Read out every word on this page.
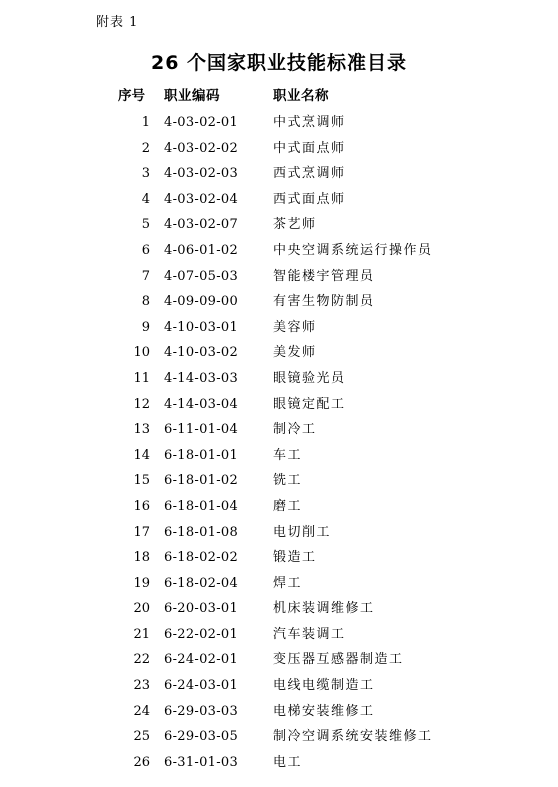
附表 1
26 个国家职业技能标准目录
序号 职业编码	职业名称
1 4-03-02-01	中式烹调师
2 4-03-02-02	中式面点师
3 4-03-02-03	西式烹调师
4 4-03-02-04	西式面点师
5 4-03-02-07	茶艺师
6 4-06-01-02	中央空调系统运行操作员
7 4-07-05-03	智能楼宇管理员
8 4-09-09-00	有害生物防制员
9 4-10-03-01	美容师
10 4-10-03-02	美发师
11 4-14-03-03	眼镜验光员
12 4-14-03-04	眼镜定配工
13 6-11-01-04	制冷工
14 6-18-01-01	车工
15 6-18-01-02	铣工
16 6-18-01-04	磨工
17 6-18-01-08	电切削工
18 6-18-02-02	锻造工
19 6-18-02-04	焊工
20 6-20-03-01	机床装调维修工
21 6-22-02-01	汽车装调工
22 6-24-02-01	变压器互感器制造工
23 6-24-03-01	电线电缆制造工
24 6-29-03-03	电梯安装维修工
25 6-29-03-05	制冷空调系统安装维修工
26 6-31-01-03	电工
